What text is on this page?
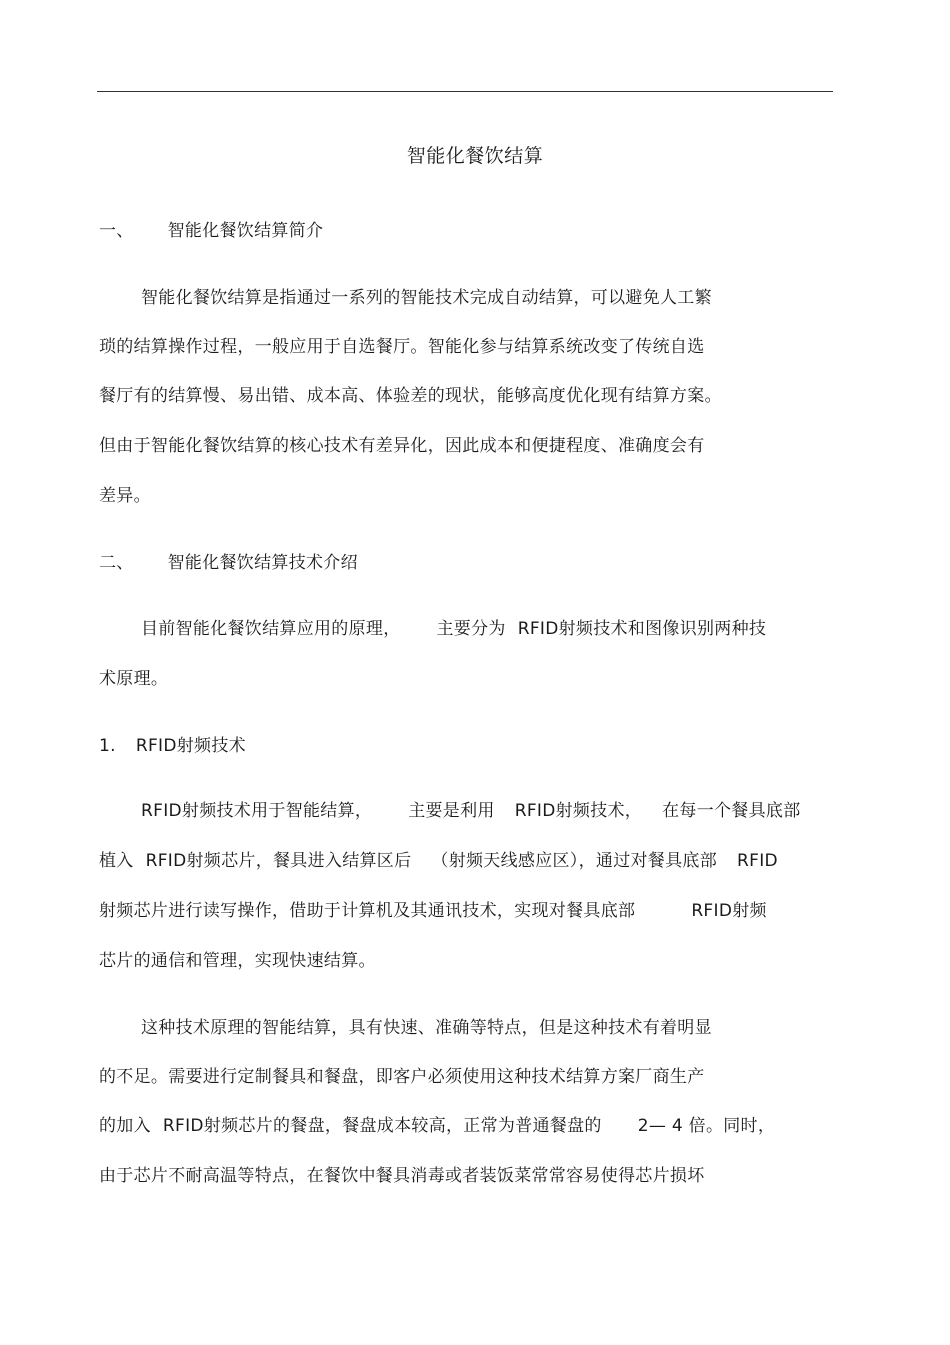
智能化餐饮结算
一、 智能化餐饮结算简介
智能化餐饮结算是指通过一系列的智能技术完成自动结算，可以避免人工繁
琐的结算操作过程，一般应用于自选餐厅。智能化参与结算系统改变了传统自选
餐厅有的结算慢、易出错、成本高、体验差的现状，能够高度优化现有结算方案。
但由于智能化餐饮结算的核心技术有差异化，因此成本和便捷程度、准确度会有
差异。
二、 智能化餐饮结算技术介绍
目前智能化餐饮结算应用的原理， 主要分为 RFID射频技术和图像识别两种技
术原理。
1. RFID射频技术
RFID射频技术用于智能结算， 主要是利用 RFID射频技术， 在每一个餐具底部
植入 RFID射频芯片，餐具进入结算区后 （射频天线感应区），通过对餐具底部 RFID
射频芯片进行读写操作，借助于计算机及其通讯技术，实现对餐具底部	RFID射频
芯片的通信和管理，实现快速结算。
这种技术原理的智能结算，具有快速、准确等特点，但是这种技术有着明显
的不足。需要进行定制餐具和餐盘，即客户必须使用这种技术结算方案厂商生产
的加入 RFID射频芯片的餐盘，餐盘成本较高，正常为普通餐盘的 2— 4 倍。同时，
由于芯片不耐高温等特点，在餐饮中餐具消毒或者装饭菜常常容易使得芯片损坏
